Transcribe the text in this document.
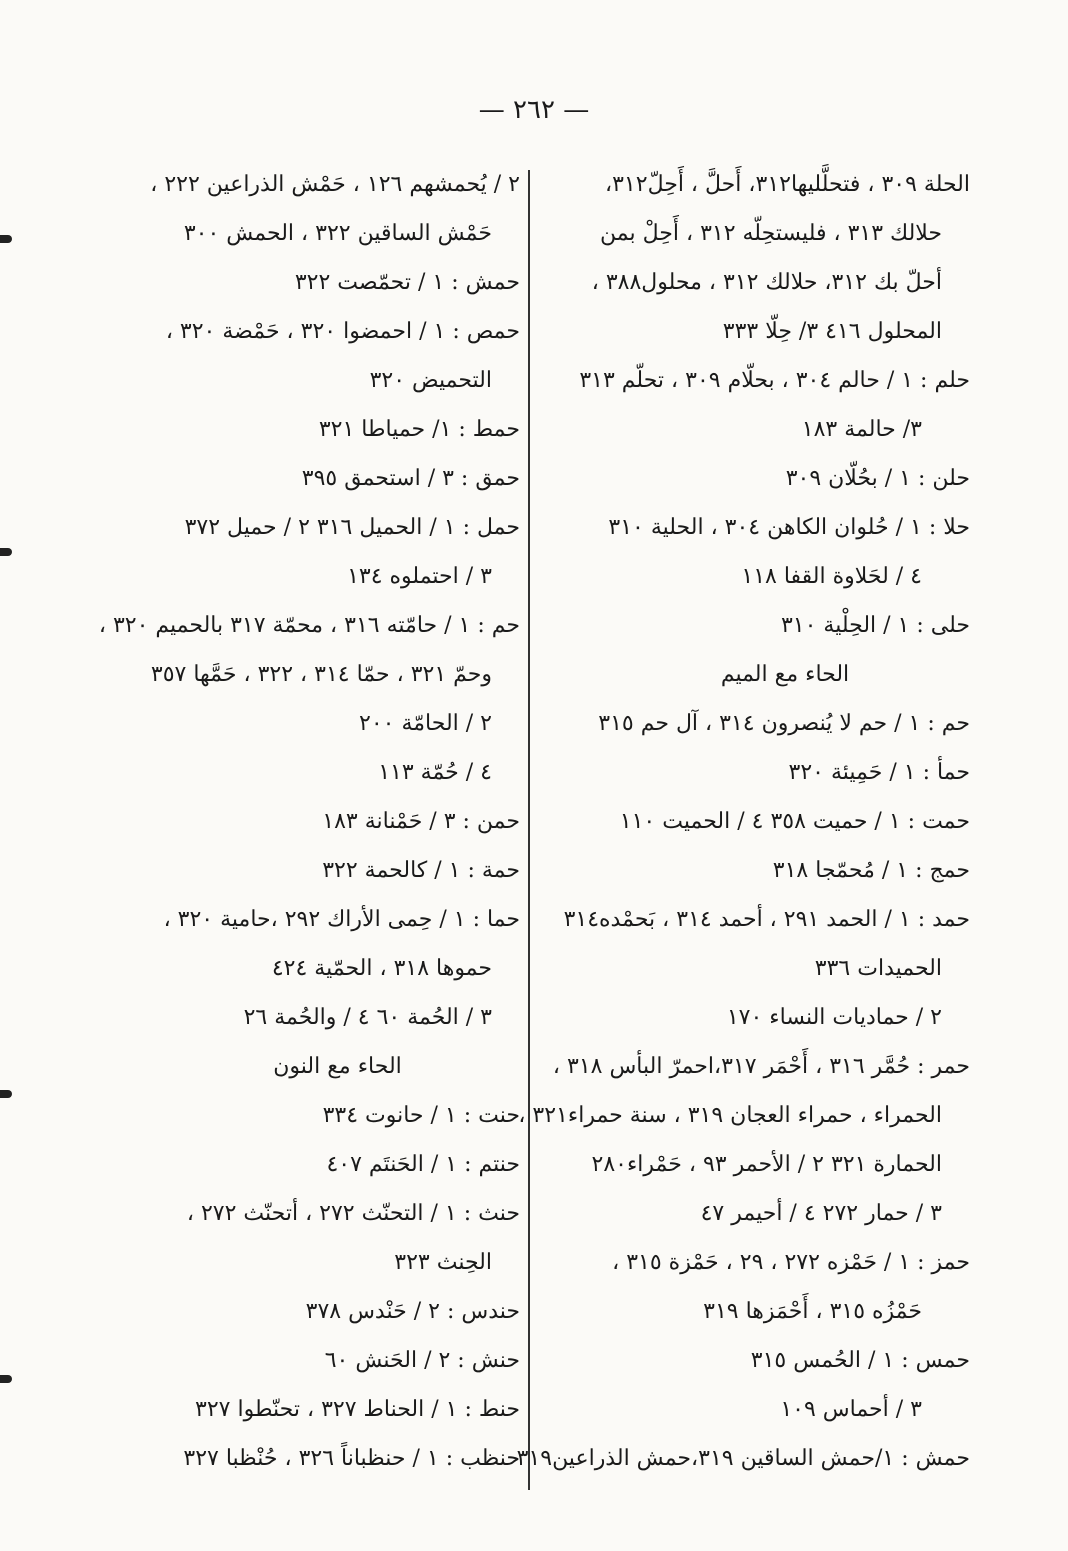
— ٢٦٢ —
الحلة ٣٠٩ ، فتحلَّليها٣١٢، أَحلَّ ، أَحِلّ٣١٢،
حلالك ٣١٣ ، فليستحِلّه ٣١٢ ، أَحِلْ بمن
أحلّ بك ٣١٢، حلالك ٣١٢ ، محلول٣٨٨ ،
المحلول ٤١٦ ٣/ حِلّا ٣٣٣
حلم : ١ / حالم ٣٠٤ ، بحلّام ٣٠٩ ، تحلّم ٣١٣
٣/ حالمة ١٨٣
حلن : ١ / بحُلّان ٣٠٩
حلا : ١ / حُلوان الكاهن ٣٠٤ ، الحلية ٣١٠
٤ / لحَلاوة القفا ١١٨
حلى : ١ / الحِلْية ٣١٠
الحاء مع الميم
حم : ١ / حم لا يُنصرون ٣١٤ ، آل حم ٣١٥
حمأ : ١ / حَمِيئة ٣٢٠
حمت : ١ / حميت ٣٥٨ ٤ / الحميت ١١٠
حمج : ١ / مُحمّجا ٣١٨
حمد : ١ / الحمد ٢٩١ ، أحمد ٣١٤ ، بَحمْده٣١٤
الحميدات ٣٣٦
٢ / حماديات النساء ١٧٠
حمر : حُمَّر ٣١٦ ، أَحْمَر ٣١٧،احمرّ البأس ٣١٨ ،
الحمراء ، حمراء العجان ٣١٩ ، سنة حمراء٣٢١ ،
الحمارة ٣٢١ ٢ / الأحمر ٩٣ ، حَمْراء٢٨٠
٣ / حمار ٢٧٢ ٤ / أحيمر ٤٧
حمز : ١ / حَمْزه ٢٧٢ ، ٢٩ ، حَمْزة ٣١٥ ،
حَمْزُه ٣١٥ ، أَحْمَزها ٣١٩
حمس : ١ / الحُمس ٣١٥
٣ / أحماس ١٠٩
حمش : ١/حمش الساقين ٣١٩،حمش الذراعين٣١٩
٢ / يُحمشهم ١٢٦ ، حَمْش الذراعين ٢٢٢ ،
حَمْش الساقين ٣٢٢ ، الحمش ٣٠٠
حمش : ١ / تحمّصت ٣٢٢
حمص : ١ / احمضوا ٣٢٠ ، حَمْضة ٣٢٠ ،
التحميض ٣٢٠
حمط : ١/ حمياطا ٣٢١
حمق : ٣ / استحمق ٣٩٥
حمل : ١ / الحميل ٣١٦ ٢ / حميل ٣٧٢
٣ / احتملوه ١٣٤
حم : ١ / حامّته ٣١٦ ، محمّة ٣١٧ بالحميم ٣٢٠ ،
وحمّ ٣٢١ ، حمّا ٣١٤ ، ٣٢٢ ، حَمَّها ٣٥٧
٢ / الحامّة ٢٠٠
٤ / حُمّة ١١٣
حمن : ٣ / حَمْنانة ١٨٣
حمة : ١ / كالحمة ٣٢٢
حما : ١ / حِمى الأراك ٢٩٢ ،حامية ٣٢٠ ،
حموها ٣١٨ ، الحمّية ٤٢٤
٣ / الحُمة ٦٠ ٤ / والحُمة ٢٦
الحاء مع النون
حنت : ١ / حانوت ٣٣٤
حنتم : ١ / الحَنتَم ٤٠٧
حنث : ١ / التحنّث ٢٧٢ ، أتحنّث ٢٧٢ ،
الحِنث ٣٢٣
حندس : ٢ / حَنْدس ٣٧٨
حنش : ٢ / الحَنش ٦٠
حنط : ١ / الحناط ٣٢٧ ، تحنّطوا ٣٢٧
حنظب : ١ / حنظباناً ٣٢٦ ، حُنْظبا ٣٢٧
